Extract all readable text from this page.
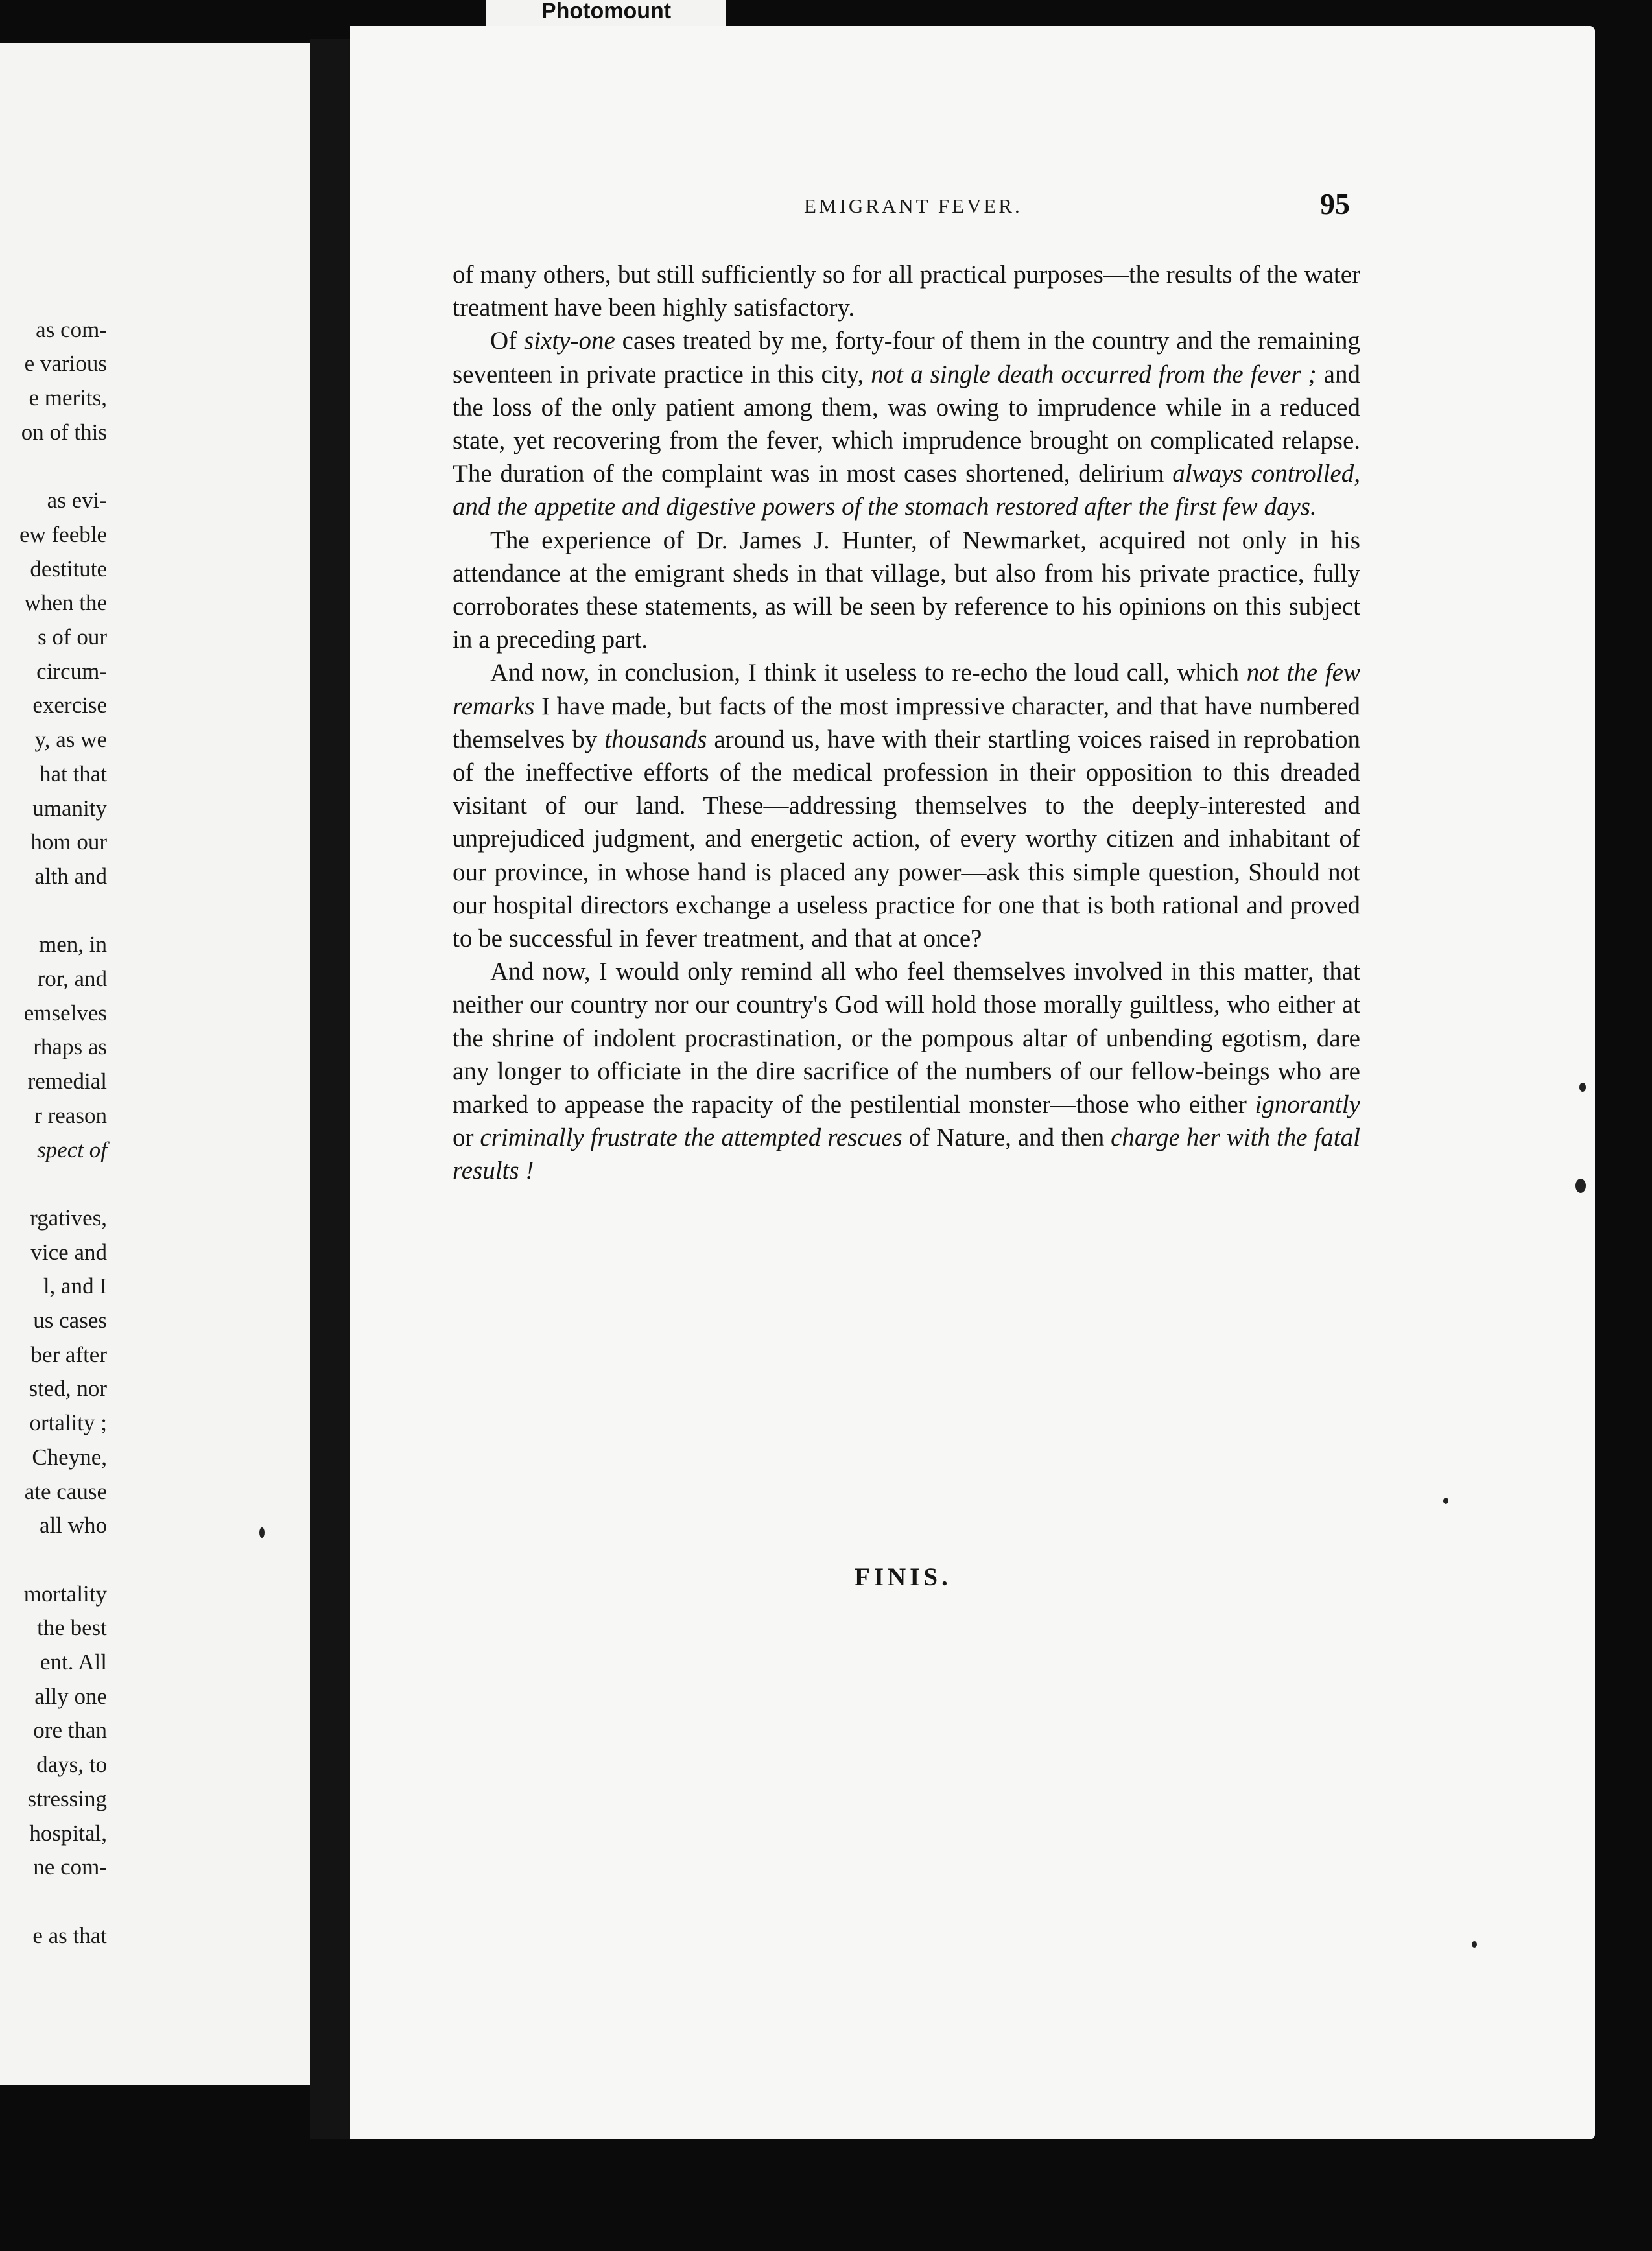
Photomount
as com-
e various
e merits,
on of this
as evi-
ew feeble
destitute
when the
s of our
circum-
exercise
y, as we
hat that
umanity
hom our
alth and
men, in
ror, and
emselves
rhaps as
remedial
r reason
spect of
rgatives,
vice and
l, and I
us cases
ber after
sted, nor
ortality ;
Cheyne,
ate cause
all who
mortality
the best
ent. All
ally one
ore than
days, to
stressing
hospital,
ne com-
e as that
EMIGRANT FEVER.	95

of many others, but still sufficiently so for all practical purposes—the results of the water treatment have been highly satisfactory.

Of sixty-one cases treated by me, forty-four of them in the country and the remaining seventeen in private practice in this city, not a single death occurred from the fever ; and the loss of the only patient among them, was owing to imprudence while in a reduced state, yet recovering from the fever, which imprudence brought on complicated relapse. The duration of the complaint was in most cases shortened, delirium always controlled, and the appetite and digestive powers of the stomach restored after the first few days.

The experience of Dr. James J. Hunter, of Newmarket, acquired not only in his attendance at the emigrant sheds in that village, but also from his private practice, fully corroborates these statements, as will be seen by reference to his opinions on this subject in a preceding part.

And now, in conclusion, I think it useless to re-echo the loud call, which not the few remarks I have made, but facts of the most impressive character, and that have numbered themselves by thousands around us, have with their startling voices raised in reprobation of the ineffective efforts of the medical profession in their opposition to this dreaded visitant of our land. These—addressing themselves to the deeply-interested and unprejudiced judgment, and energetic action, of every worthy citizen and inhabitant of our province, in whose hand is placed any power—ask this simple question, Should not our hospital directors exchange a useless practice for one that is both rational and proved to be successful in fever treatment, and that at once?

And now, I would only remind all who feel themselves involved in this matter, that neither our country nor our country's God will hold those morally guiltless, who either at the shrine of indolent procrastination, or the pompous altar of unbending egotism, dare any longer to officiate in the dire sacrifice of the numbers of our fellow-beings who are marked to appease the rapacity of the pestilential monster—those who either ignorantly or criminally frustrate the attempted rescues of Nature, and then charge her with the fatal results !

FINIS.
